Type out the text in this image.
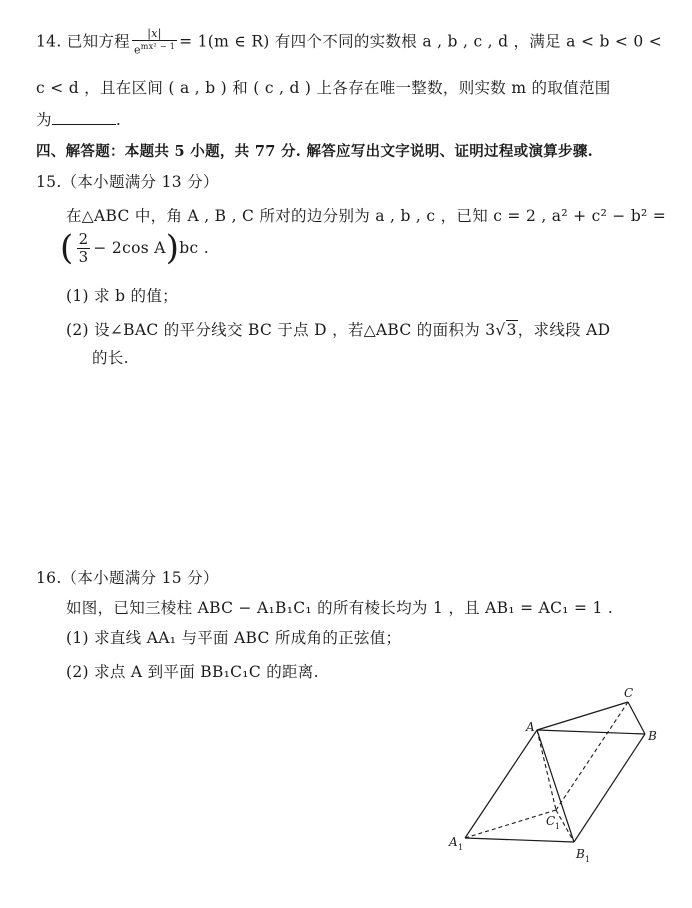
14. 已知方程 $\frac{|x|}{e^{mx^2 - 1}} = 1(m$ ∈ R) 有四个不同的实数根 a , b , c , d ，满足 a < b < 0 <
c < d ，且在区间 ( a , b ) 和 ( c , d ) 上各存在唯一整数，则实数 m 的取值范围
为	.
四、解答题：本题共 5 小题，共 77 分. 解答应写出文字说明、证明过程或演算步骤.
15.（本小题满分 13 分）
在△ABC 中，角 A , B , C 所对的边分别为 a , b , c ，已知 c = 2 , a² + c² − b² =
( $\frac{2}{3} - 2\cos$ A)bc .
(1) 求 b 的值；
(2) 设∠BAC 的平分线交 BC 于点 D ，若△ABC 的面积为 3√3，求线段 AD
的长.
16.（本小题满分 15 分）
如图，已知三棱柱 ABC − A₁B₁C₁ 的所有棱长均为 1 ，且 AB₁ = AC₁ = 1 .
(1) 求直线 AA₁ 与平面 ABC 所成角的正弦值；
(2) 求点 A 到平面 BB₁C₁C 的距离.
A
C
B
A 1	B 1
C 1
